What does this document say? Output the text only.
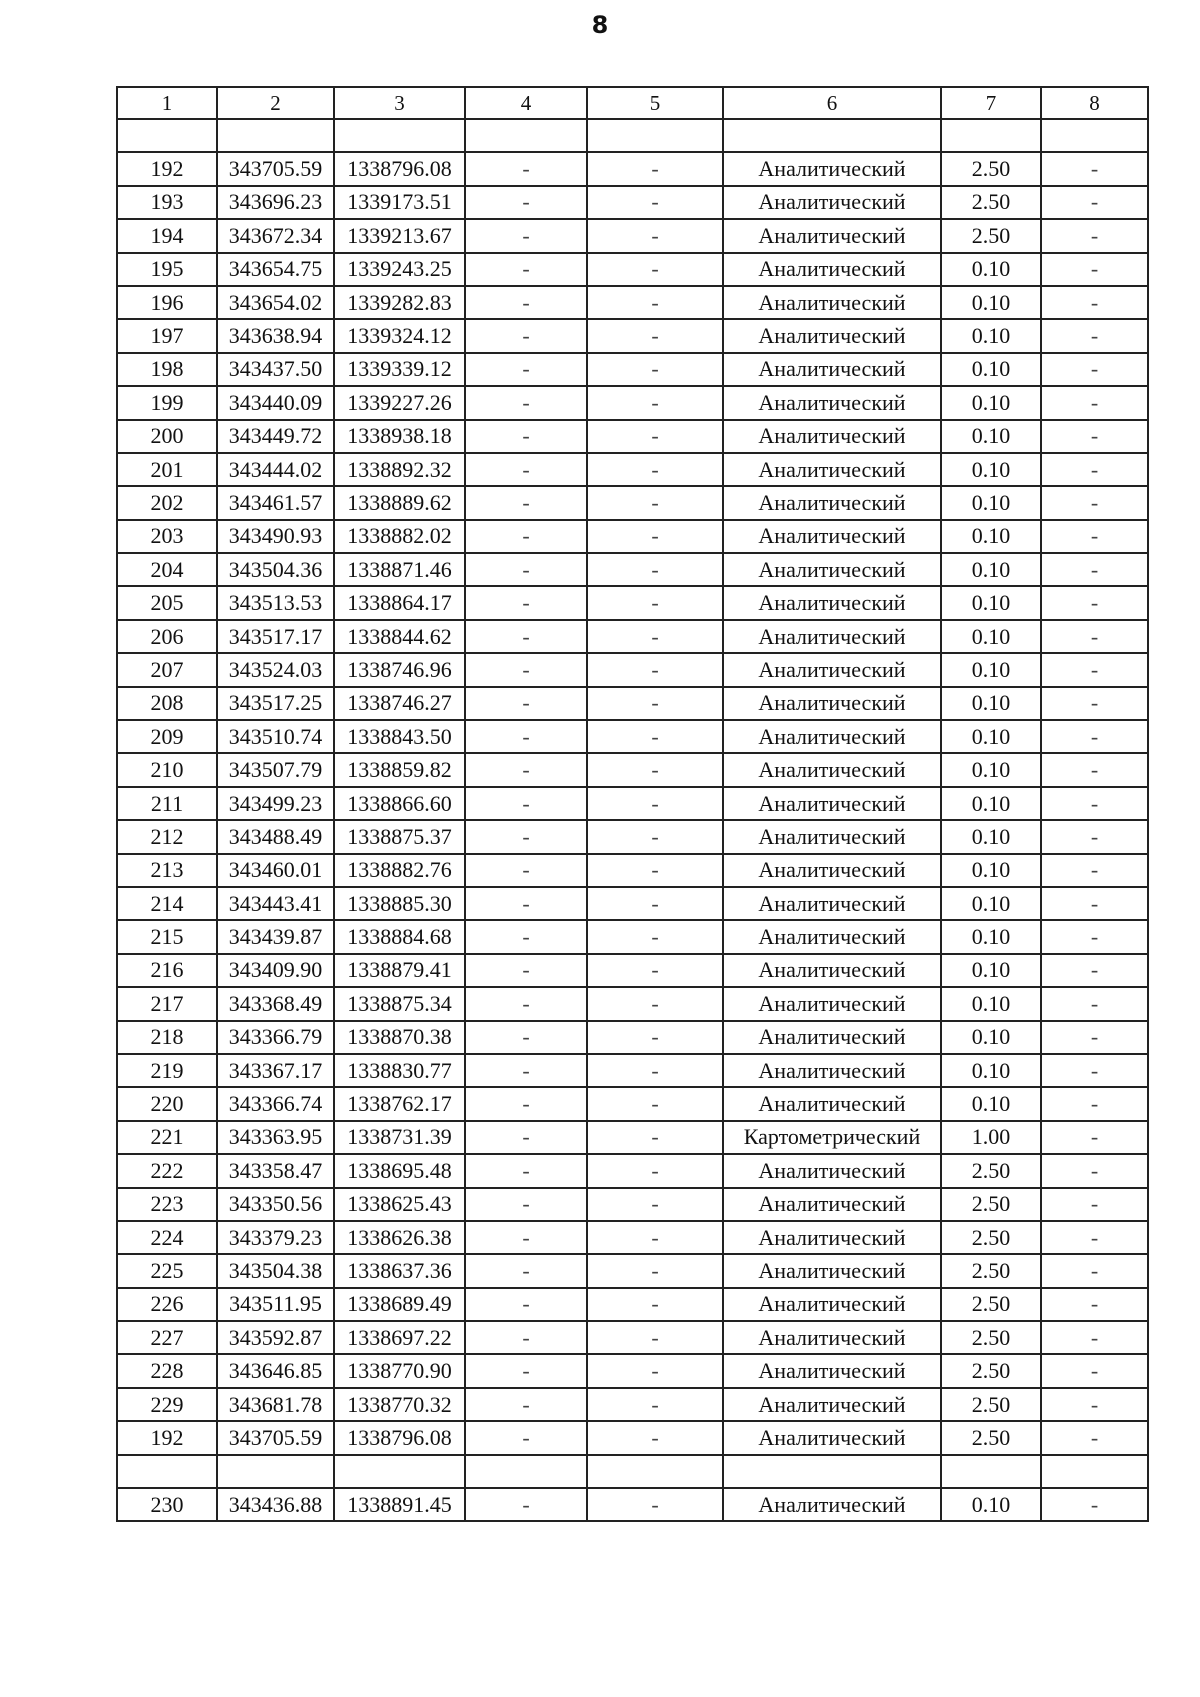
8
1	2	3	4	5	6	7	8

192	343705.59	1338796.08	-	-	Аналитический	2.50	-
193	343696.23	1339173.51	-	-	Аналитический	2.50	-
194	343672.34	1339213.67	-	-	Аналитический	2.50	-
195	343654.75	1339243.25	-	-	Аналитический	0.10	-
196	343654.02	1339282.83	-	-	Аналитический	0.10	-
197	343638.94	1339324.12	-	-	Аналитический	0.10	-
198	343437.50	1339339.12	-	-	Аналитический	0.10	-
199	343440.09	1339227.26	-	-	Аналитический	0.10	-
200	343449.72	1338938.18	-	-	Аналитический	0.10	-
201	343444.02	1338892.32	-	-	Аналитический	0.10	-
202	343461.57	1338889.62	-	-	Аналитический	0.10	-
203	343490.93	1338882.02	-	-	Аналитический	0.10	-
204	343504.36	1338871.46	-	-	Аналитический	0.10	-
205	343513.53	1338864.17	-	-	Аналитический	0.10	-
206	343517.17	1338844.62	-	-	Аналитический	0.10	-
207	343524.03	1338746.96	-	-	Аналитический	0.10	-
208	343517.25	1338746.27	-	-	Аналитический	0.10	-
209	343510.74	1338843.50	-	-	Аналитический	0.10	-
210	343507.79	1338859.82	-	-	Аналитический	0.10	-
211	343499.23	1338866.60	-	-	Аналитический	0.10	-
212	343488.49	1338875.37	-	-	Аналитический	0.10	-
213	343460.01	1338882.76	-	-	Аналитический	0.10	-
214	343443.41	1338885.30	-	-	Аналитический	0.10	-
215	343439.87	1338884.68	-	-	Аналитический	0.10	-
216	343409.90	1338879.41	-	-	Аналитический	0.10	-
217	343368.49	1338875.34	-	-	Аналитический	0.10	-
218	343366.79	1338870.38	-	-	Аналитический	0.10	-
219	343367.17	1338830.77	-	-	Аналитический	0.10	-
220	343366.74	1338762.17	-	-	Аналитический	0.10	-
221	343363.95	1338731.39	-	-	Картометрический	1.00	-
222	343358.47	1338695.48	-	-	Аналитический	2.50	-
223	343350.56	1338625.43	-	-	Аналитический	2.50	-
224	343379.23	1338626.38	-	-	Аналитический	2.50	-
225	343504.38	1338637.36	-	-	Аналитический	2.50	-
226	343511.95	1338689.49	-	-	Аналитический	2.50	-
227	343592.87	1338697.22	-	-	Аналитический	2.50	-
228	343646.85	1338770.90	-	-	Аналитический	2.50	-
229	343681.78	1338770.32	-	-	Аналитический	2.50	-
192	343705.59	1338796.08	-	-	Аналитический	2.50	-

230	343436.88	1338891.45	-	-	Аналитический	0.10	-
